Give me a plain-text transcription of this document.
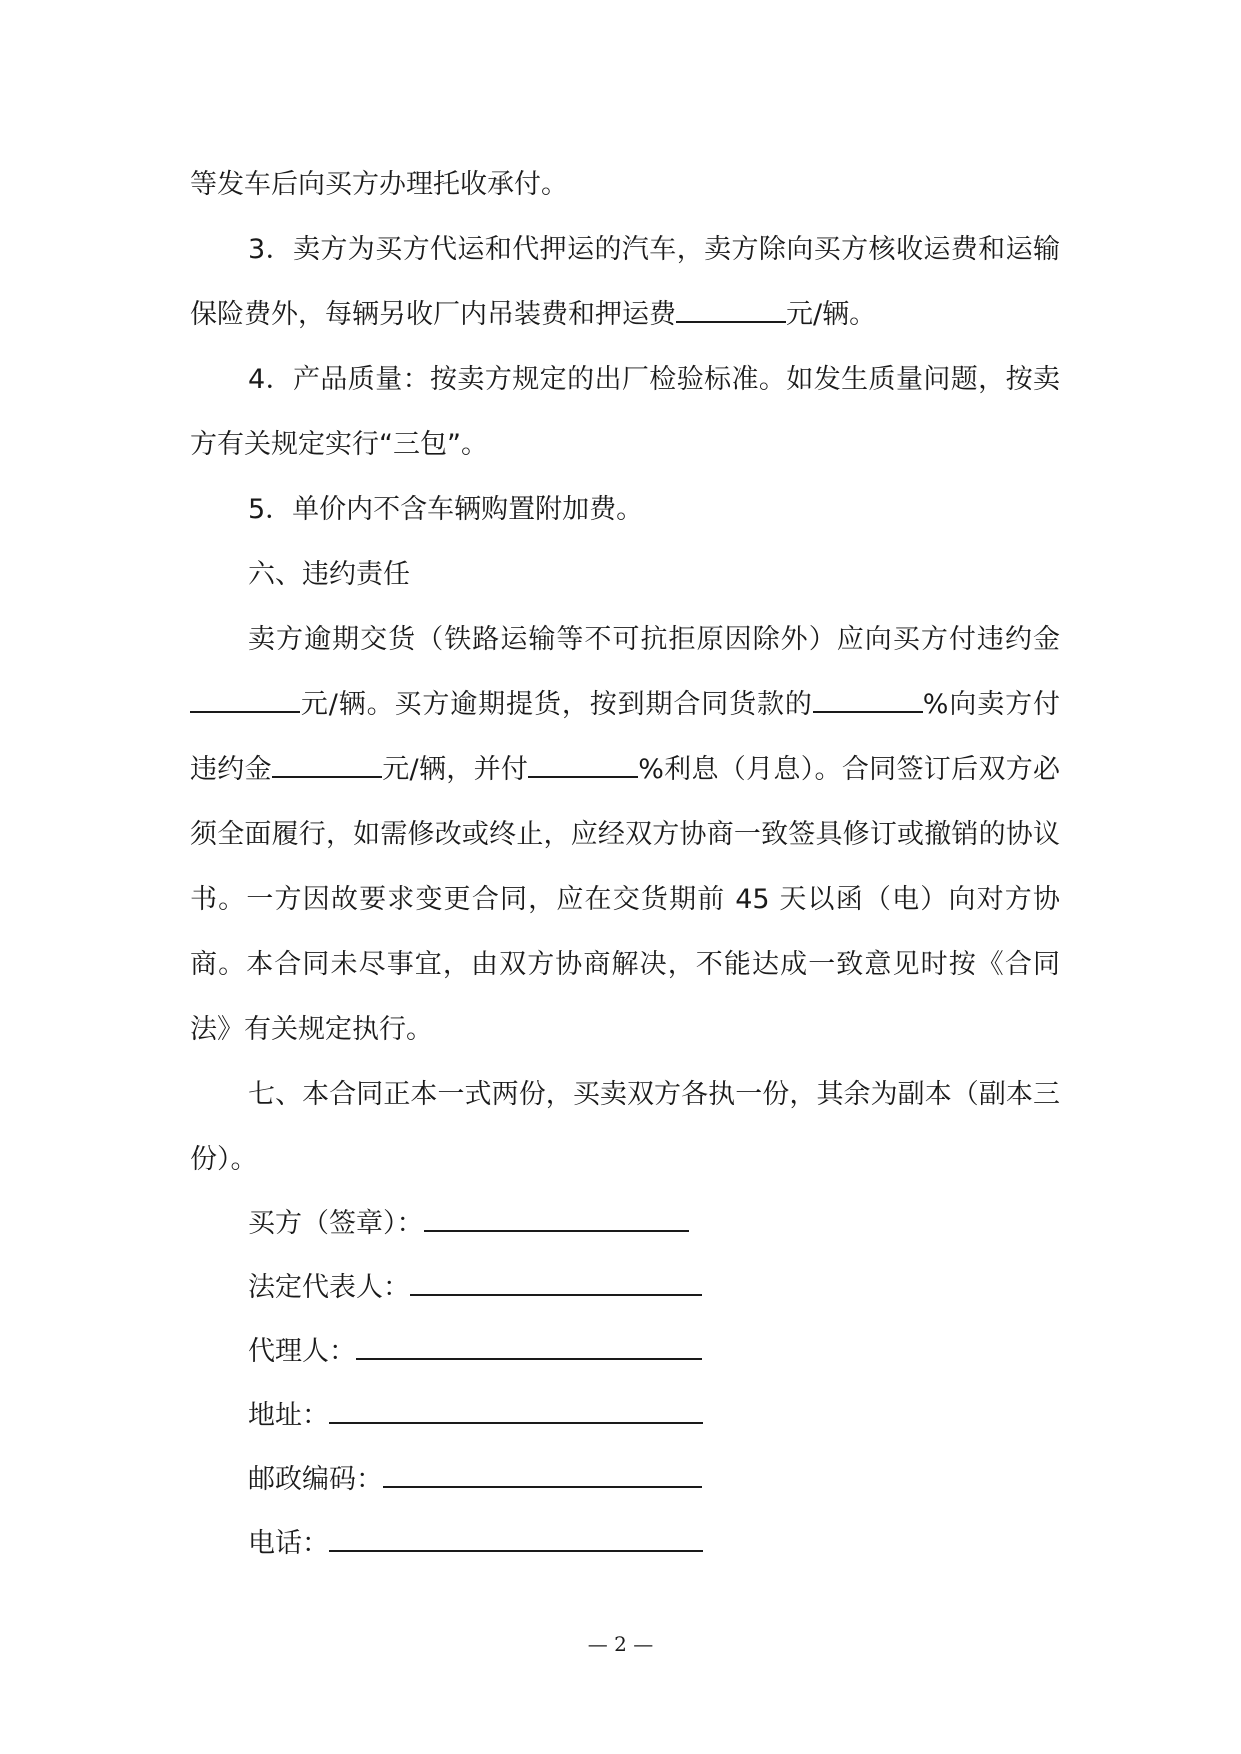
等发车后向买方办理托收承付。

3．卖方为买方代运和代押运的汽车，卖方除向买方核收运费和运输保险费外，每辆另收厂内吊装费和押运费	元/辆。

4．产品质量：按卖方规定的出厂检验标准。如发生质量问题，按卖方有关规定实行“三包”。

5．单价内不含车辆购置附加费。

六、违约责任

卖方逾期交货（铁路运输等不可抗拒原因除外）应向买方付违约金元/辆。买方逾期提货，按到期合同货款的	%向卖方付违约金	元/辆，并付	%利息（月息）。合同签订后双方必须全面履行，如需修改或终止，应经双方协商一致签具修订或撤销的协议书。一方因故要求变更合同，应在交货期前 45 天以函（电）向对方协商。本合同未尽事宜，由双方协商解决，不能达成一致意见时按《合同法》有关规定执行。

七、本合同正本一式两份，买卖双方各执一份，其余为副本（副本三份）。

买方（签章）：

法定代表人：

代理人：

地址：

邮政编码：

电话：

— 2 —
